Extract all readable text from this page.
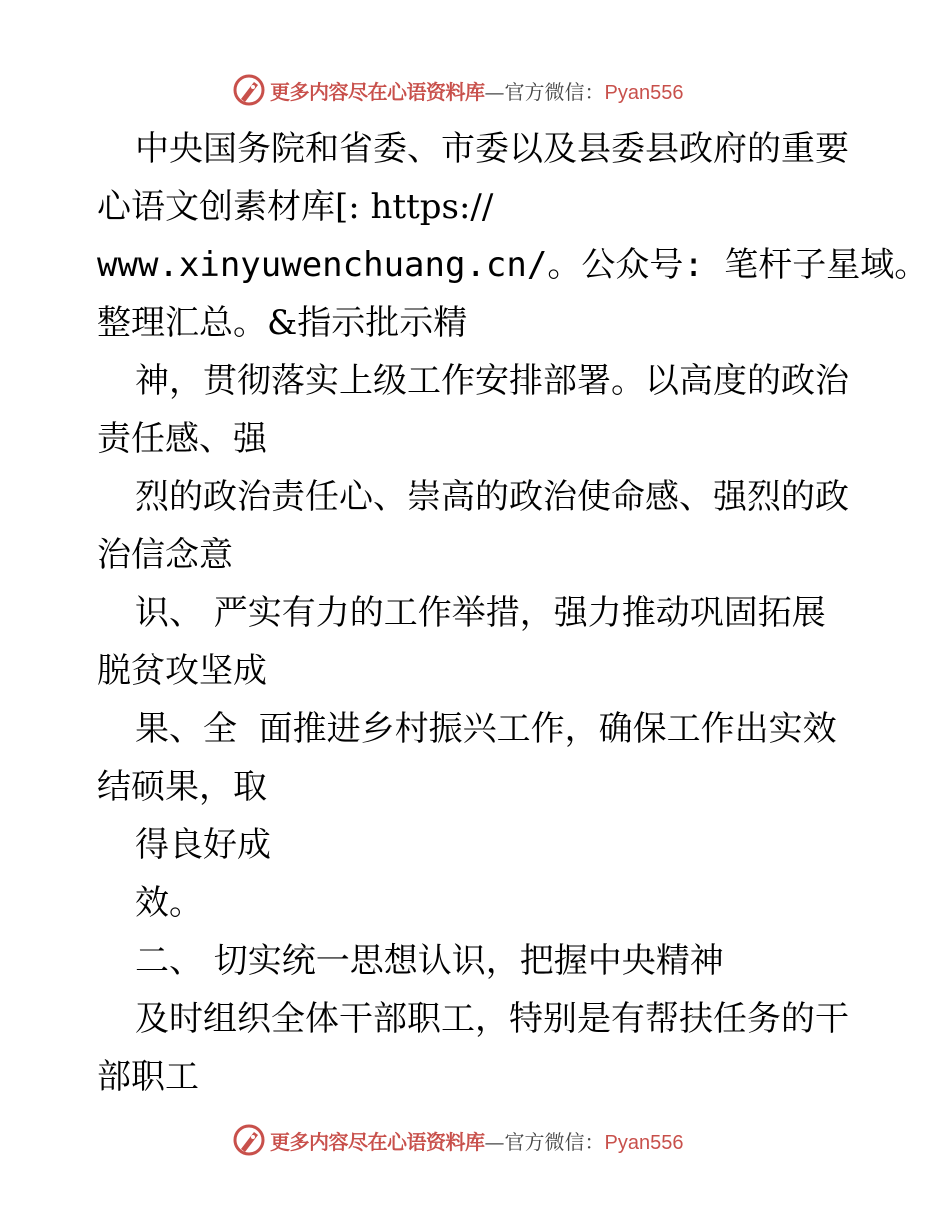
更多内容尽在心语资料库—官方微信：Pyan556
中央国务院和省委、市委以及县委县政府的重要
心语文创素材库[: https://
www.xinyuwenchuang.cn/。公众号: 笔杆子星域。
整理汇总。&指示批示精
神，贯彻落实上级工作安排部署。以高度的政治
责任感、强
烈的政治责任心、崇高的政治使命感、强烈的政
治信念意
识、 严实有力的工作举措，强力推动巩固拓展
脱贫攻坚成
果、全  面推进乡村振兴工作，确保工作出实效
结硕果，取
得良好成
效。
二、 切实统一思想认识，把握中央精神
及时组织全体干部职工，特别是有帮扶任务的干
部职工
更多内容尽在心语资料库—官方微信：Pyan556
